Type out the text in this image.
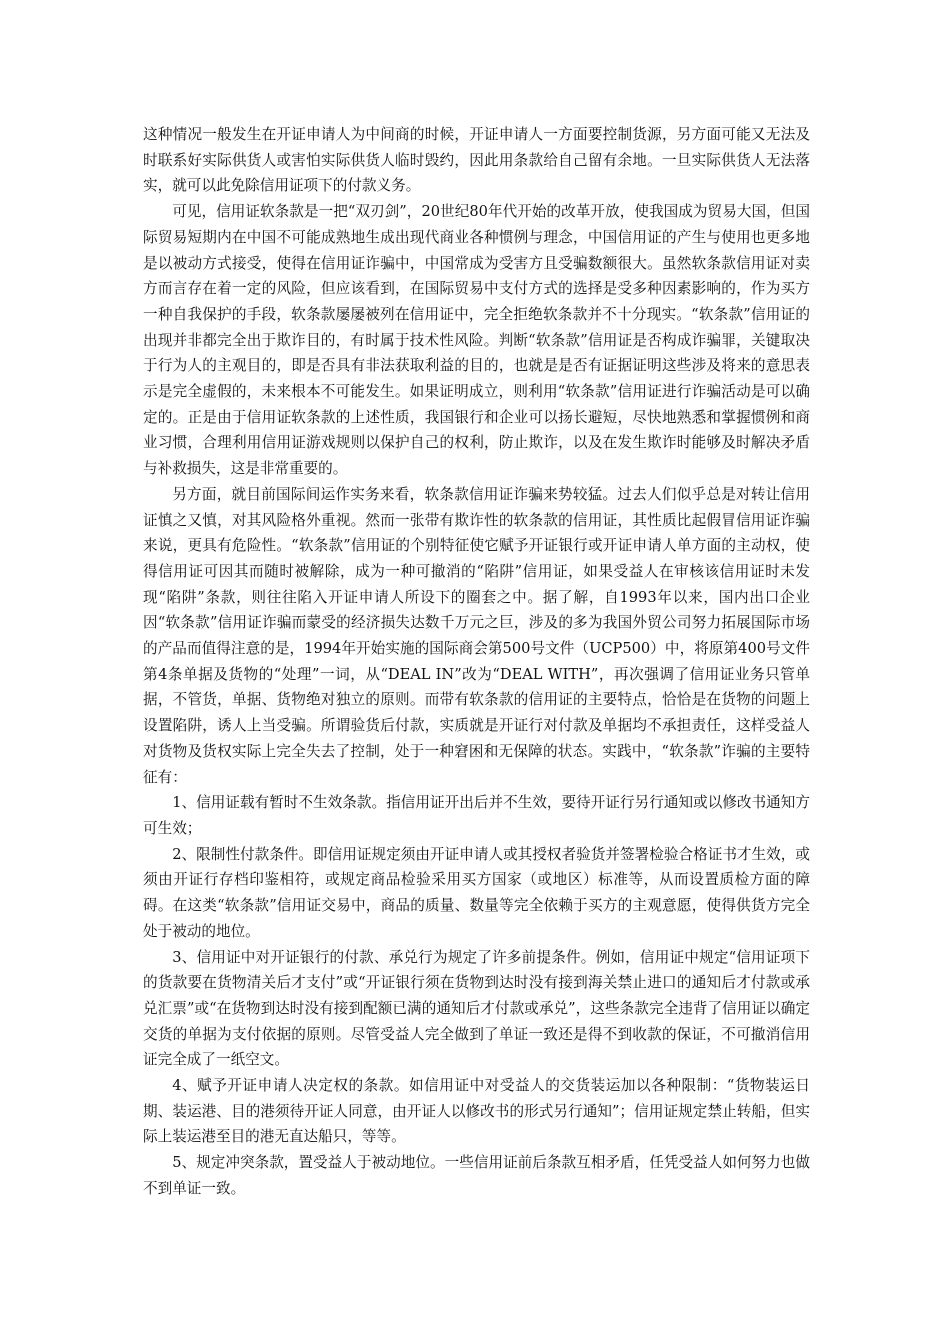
这种情况一般发生在开证申请人为中间商的时候，开证申请人一方面要控制货源，另方面可能又无法及时联系好实际供货人或害怕实际供货人临时毁约，因此用条款给自己留有余地。一旦实际供货人无法落实，就可以此免除信用证项下的付款义务。

可见，信用证软条款是一把“双刃剑”，20世纪80年代开始的改革开放，使我国成为贸易大国，但国际贸易短期内在中国不可能成熟地生成出现代商业各种惯例与理念，中国信用证的产生与使用也更多地是以被动方式接受，使得在信用证诈骗中，中国常成为受害方且受骗数额很大。虽然软条款信用证对卖方而言存在着一定的风险，但应该看到，在国际贸易中支付方式的选择是受多种因素影响的，作为买方一种自我保护的手段，软条款屡屡被列在信用证中，完全拒绝软条款并不十分现实。“软条款”信用证的出现并非都完全出于欺诈目的，有时属于技术性风险。判断“软条款”信用证是否构成诈骗罪，关键取决于行为人的主观目的，即是否具有非法获取利益的目的，也就是是否有证据证明这些涉及将来的意思表示是完全虚假的，未来根本不可能发生。如果证明成立，则利用“软条款”信用证进行诈骗活动是可以确定的。正是由于信用证软条款的上述性质，我国银行和企业可以扬长避短，尽快地熟悉和掌握惯例和商业习惯，合理利用信用证游戏规则以保护自己的权利，防止欺诈，以及在发生欺诈时能够及时解决矛盾与补救损失，这是非常重要的。

另方面，就目前国际间运作实务来看，软条款信用证诈骗来势较猛。过去人们似乎总是对转让信用证慎之又慎，对其风险格外重视。然而一张带有欺诈性的软条款的信用证，其性质比起假冒信用证诈骗来说，更具有危险性。“软条款”信用证的个别特征使它赋予开证银行或开证申请人单方面的主动权，使得信用证可因其而随时被解除，成为一种可撤消的“陷阱”信用证，如果受益人在审核该信用证时未发现“陷阱”条款，则往往陷入开证申请人所设下的圈套之中。据了解，自1993年以来，国内出口企业因“软条款”信用证诈骗而蒙受的经济损失达数千万元之巨，涉及的多为我国外贸公司努力拓展国际市场的产品而值得注意的是，1994年开始实施的国际商会第500号文件（UCP500）中，将原第400号文件第4条单据及货物的“处理”一词，从“DEAL IN”改为“DEAL WITH”，再次强调了信用证业务只管单据，不管货，单据、货物绝对独立的原则。而带有软条款的信用证的主要特点，恰恰是在货物的问题上设置陷阱，诱人上当受骗。所谓验货后付款，实质就是开证行对付款及单据均不承担责任，这样受益人对货物及货权实际上完全失去了控制，处于一种窘困和无保障的状态。实践中，“软条款”诈骗的主要特征有：

1、信用证载有暂时不生效条款。指信用证开出后并不生效，要待开证行另行通知或以修改书通知方可生效；

2、限制性付款条件。即信用证规定须由开证申请人或其授权者验货并签署检验合格证书才生效，或须由开证行存档印鉴相符，或规定商品检验采用买方国家（或地区）标准等，从而设置质检方面的障碍。在这类“软条款”信用证交易中，商品的质量、数量等完全依赖于买方的主观意愿，使得供货方完全处于被动的地位。

3、信用证中对开证银行的付款、承兑行为规定了许多前提条件。例如，信用证中规定“信用证项下的货款要在货物清关后才支付”或“开证银行须在货物到达时没有接到海关禁止进口的通知后才付款或承兑汇票”或“在货物到达时没有接到配额已满的通知后才付款或承兑”，这些条款完全违背了信用证以确定交货的单据为支付依据的原则。尽管受益人完全做到了单证一致还是得不到收款的保证，不可撤消信用证完全成了一纸空文。

4、赋予开证申请人决定权的条款。如信用证中对受益人的交货装运加以各种限制：“货物装运日期、装运港、目的港须待开证人同意，由开证人以修改书的形式另行通知”；信用证规定禁止转船，但实际上装运港至目的港无直达船只，等等。

5、规定冲突条款，置受益人于被动地位。一些信用证前后条款互相矛盾，任凭受益人如何努力也做不到单证一致。
